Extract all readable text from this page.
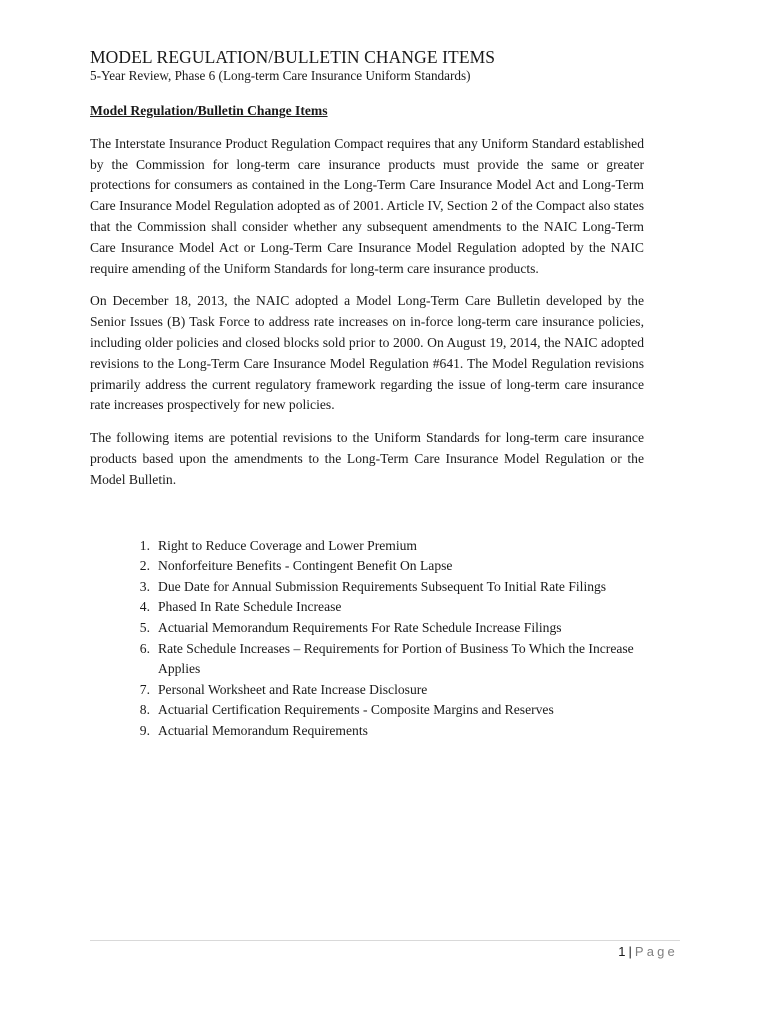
MODEL REGULATION/BULLETIN CHANGE ITEMS

5-Year Review, Phase 6 (Long-term Care Insurance Uniform Standards)

Model Regulation/Bulletin Change Items

The Interstate Insurance Product Regulation Compact requires that any Uniform Standard established by the Commission for long-term care insurance products must provide the same or greater protections for consumers as contained in the Long-Term Care Insurance Model Act and Long-Term Care Insurance Model Regulation adopted as of 2001. Article IV, Section 2 of the Compact also states that the Commission shall consider whether any subsequent amendments to the NAIC Long-Term Care Insurance Model Act or Long-Term Care Insurance Model Regulation adopted by the NAIC require amending of the Uniform Standards for long-term care insurance products.

On December 18, 2013, the NAIC adopted a Model Long-Term Care Bulletin developed by the Senior Issues (B) Task Force to address rate increases on in-force long-term care insurance policies, including older policies and closed blocks sold prior to 2000. On August 19, 2014, the NAIC adopted revisions to the Long-Term Care Insurance Model Regulation #641. The Model Regulation revisions primarily address the current regulatory framework regarding the issue of long-term care insurance rate increases prospectively for new policies.

The following items are potential revisions to the Uniform Standards for long-term care insurance products based upon the amendments to the Long-Term Care Insurance Model Regulation or the Model Bulletin.

1. Right to Reduce Coverage and Lower Premium
2. Nonforfeiture Benefits - Contingent Benefit On Lapse
3. Due Date for Annual Submission Requirements Subsequent To Initial Rate Filings
4. Phased In Rate Schedule Increase
5. Actuarial Memorandum Requirements For Rate Schedule Increase Filings
6. Rate Schedule Increases – Requirements for Portion of Business To Which the Increase Applies
7. Personal Worksheet and Rate Increase Disclosure
8. Actuarial Certification Requirements - Composite Margins and Reserves
9. Actuarial Memorandum Requirements
1 | Page
